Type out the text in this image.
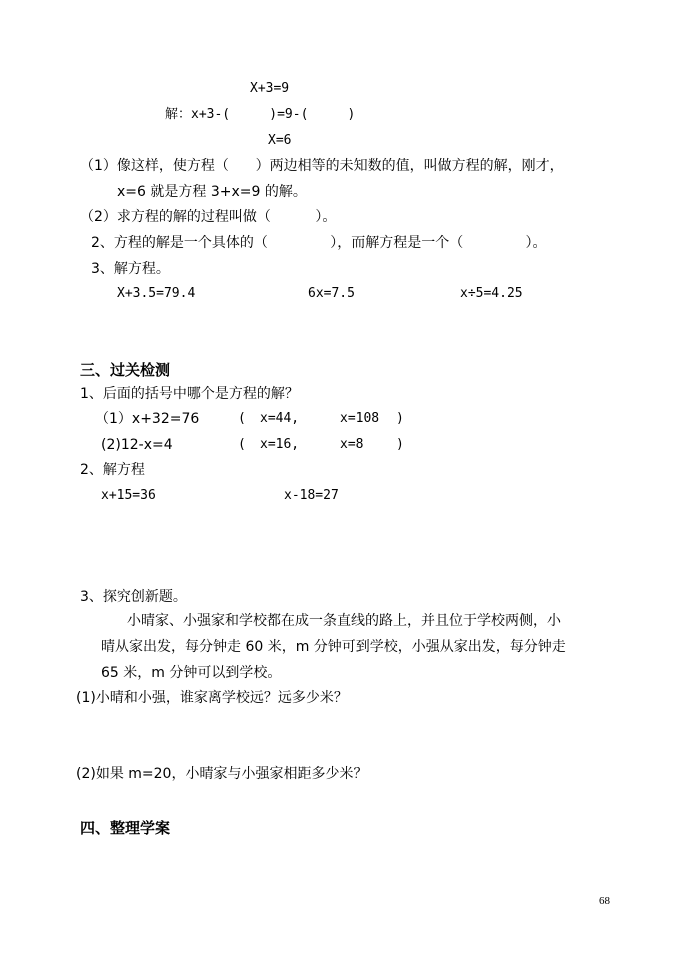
X+3=9
解：x+3-(     )=9-(     )
X=6
（1）像这样，使方程（      ）两边相等的未知数的值，叫做方程的解，刚才，
x=6 就是方程 3+x=9 的解。
（2）求方程的解的过程叫做（          ）。
2、方程的解是一个具体的（              ），而解方程是一个（              ）。
3、解方程。
X+3.5=79.4	6x=7.5	x÷5=4.25
三、过关检测
1、后面的括号中哪个是方程的解？
（1）x+32=76	( x=44,	x=108 )
(2)12-x=4	( x=16,	x=8	)
2、解方程
x+15=36	x-18=27
3、探究创新题。
小晴家、小强家和学校都在成一条直线的路上，并且位于学校两侧，小
晴从家出发，每分钟走 60 米，m 分钟可到学校，小强从家出发，每分钟走
65 米，m 分钟可以到学校。
(1)小晴和小强，谁家离学校远？远多少米？
(2)如果 m=20，小晴家与小强家相距多少米？
四、整理学案
68
